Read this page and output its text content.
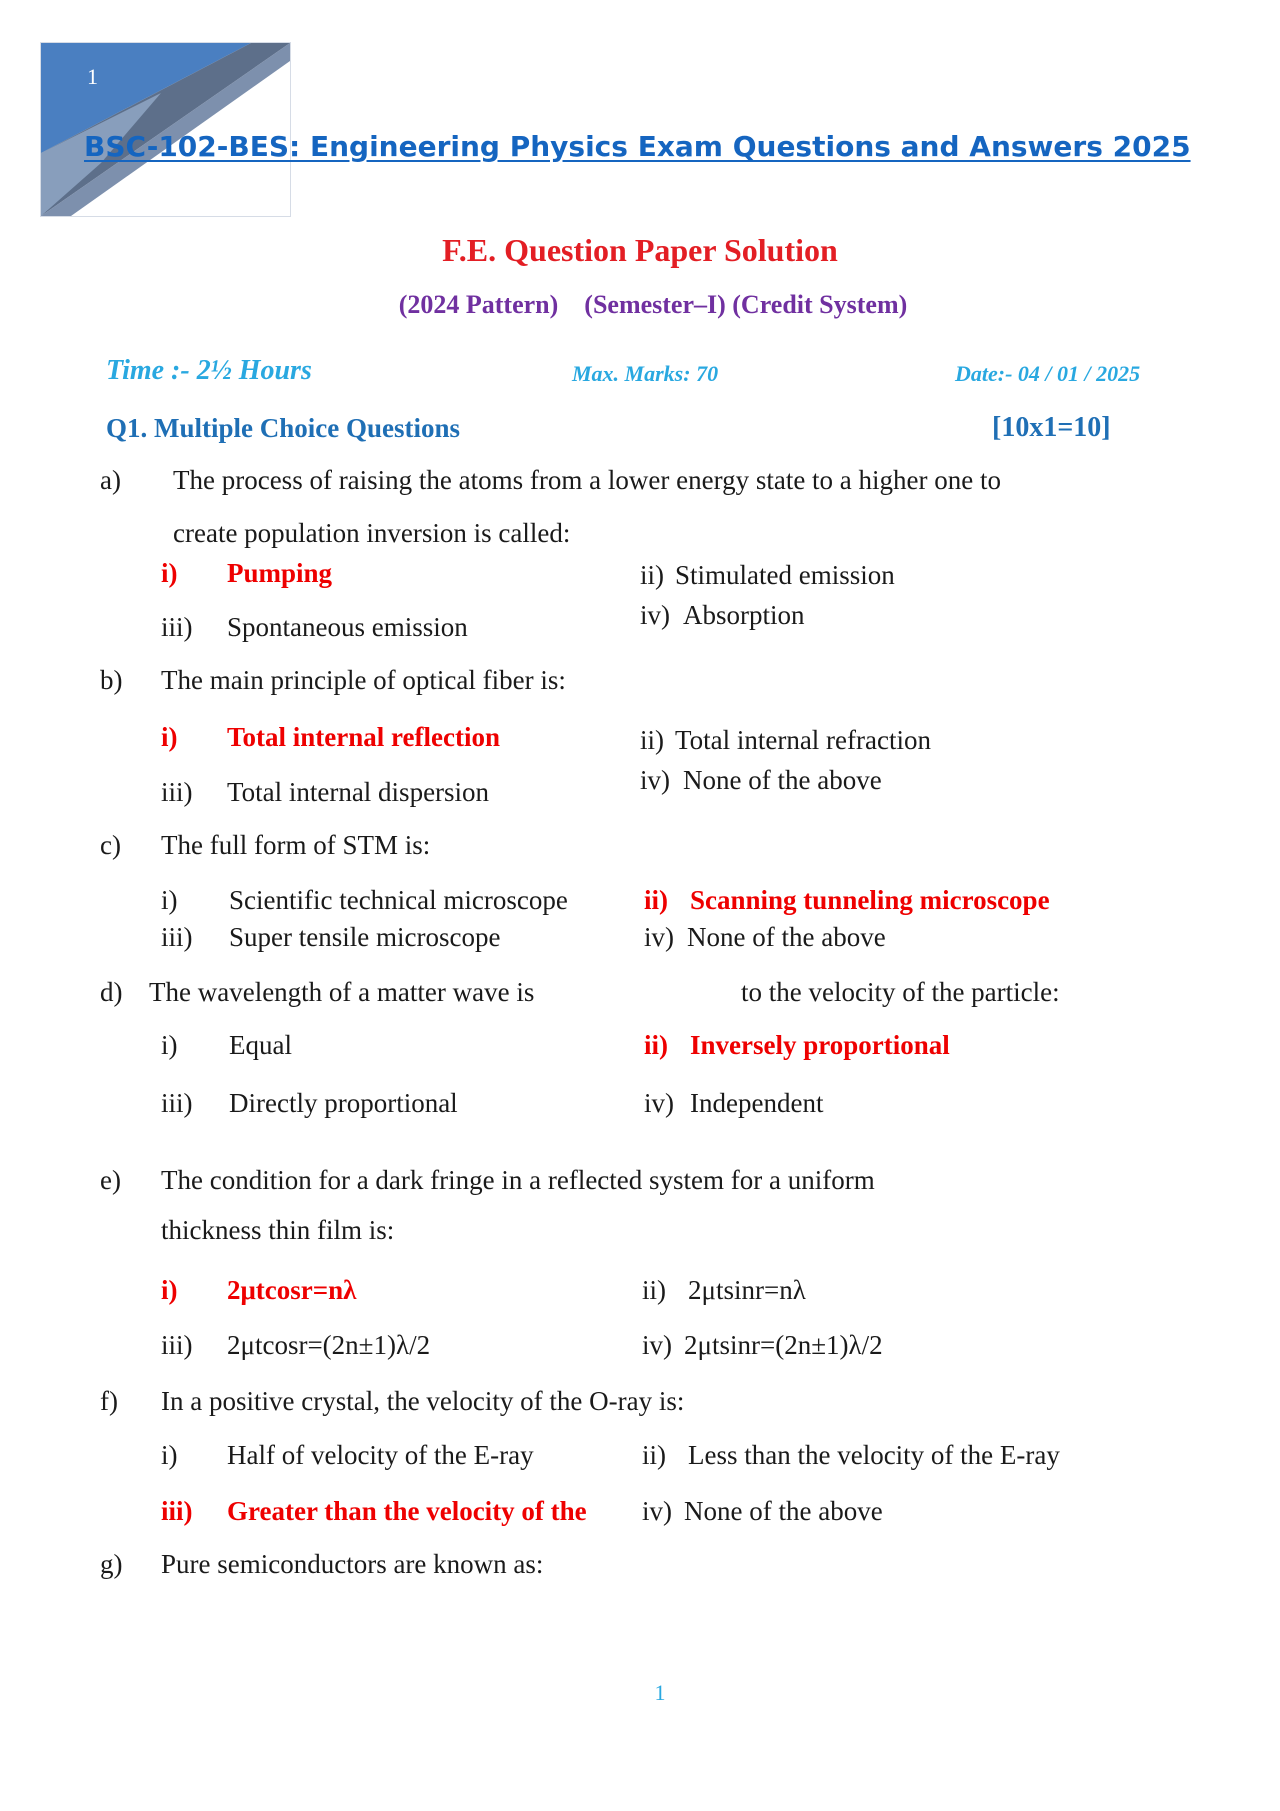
1
BSC-102-BES: Engineering Physics Exam Questions and Answers 2025
F.E. Question Paper Solution
(2024 Pattern)    (Semester–I) (Credit System)
Time :- 2½ Hours	Max. Marks: 70	Date:- 04 / 01 / 2025
Q1. Multiple Choice Questions	[10x1=10]
a) The process of raising the atoms from a lower energy state to a higher one to
create population inversion is called:
i) Pumping	ii) Stimulated emission
iii) Spontaneous emission	iv) Absorption
b) The main principle of optical fiber is:
i) Total internal reflection	ii) Total internal refraction
iii) Total internal dispersion	iv) None of the above
c) The full form of STM is:
i) Scientific technical microscope	ii) Scanning tunneling microscope
iii) Super tensile microscope	iv) None of the above
d) The wavelength of a matter wave is	to the velocity of the particle:
i) Equal	ii) Inversely proportional
iii) Directly proportional	iv) Independent
e) The condition for a dark fringe in a reflected system for a uniform
thickness thin film is:
i) 2μtcosr=nλ	ii) 2μtsinr=nλ
iii) 2μtcosr=(2n±1)λ/2	iv) 2μtsinr=(2n±1)λ/2
f) In a positive crystal, the velocity of the O-ray is:
i) Half of velocity of the E-ray	ii) Less than the velocity of the E-ray
iii) Greater than the velocity of the iv) None of the above
g) Pure semiconductors are known as:
1
